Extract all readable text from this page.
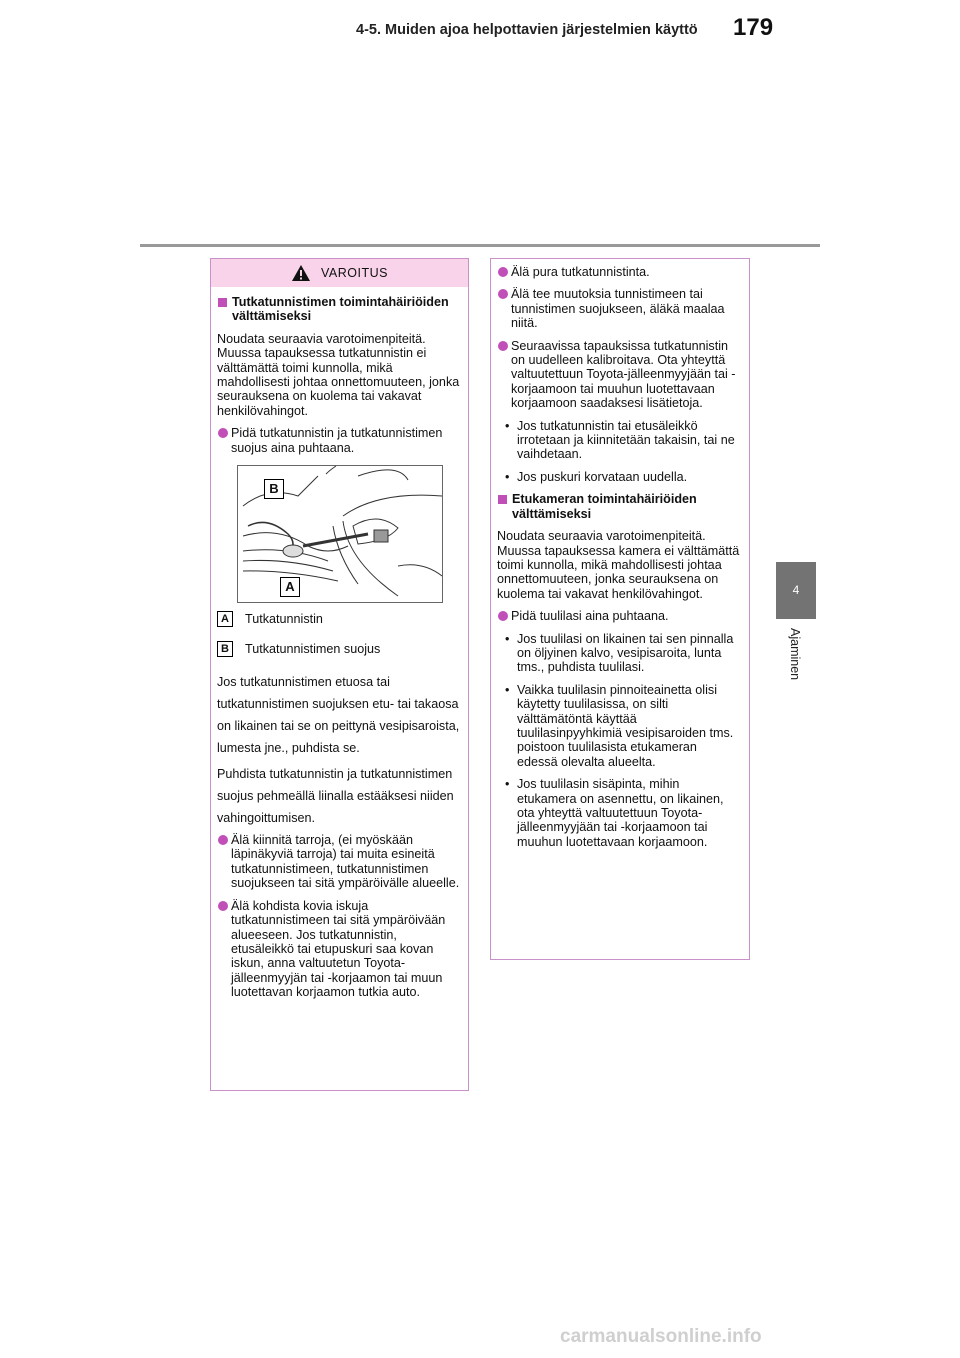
4-5. Muiden ajoa helpottavien järjestelmien käyttö 179
4
Ajaminen
VAROITUS
Tutkatunnistimen toimintahäiriöiden välttämiseksi

Noudata seuraavia varotoimenpiteitä. Muussa tapauksessa tutkatunnistin ei välttämättä toimi kunnolla, mikä mahdollisesti johtaa onnettomuuteen, jonka seurauksena on kuolema tai vakavat henkilövahingot.

Pidä tutkatunnistin ja tutkatunnistimen suojus aina puhtaana.
B
A
A	Tutkatunnistin
B	Tutkatunnistimen suojus

Jos tutkatunnistimen etuosa tai tutkatunnistimen suojuksen etu- tai takaosa on likainen tai se on peittynä vesipisaroista, lumesta jne., puhdista se.

Puhdista tutkatunnistin ja tutkatunnistimen suojus pehmeällä liinalla estääksesi niiden vahingoittumisen.

Älä kiinnitä tarroja, (ei myöskään läpinäkyviä tarroja) tai muita esineitä tutkatunnistimeen, tutkatunnistimen suojukseen tai sitä ympäröivälle alueelle.
Älä kohdista kovia iskuja tutkatunnistimeen tai sitä ympäröivään alueeseen. Jos tutkatunnistin, etusäleikkö tai etupuskuri saa kovan iskun, anna valtuutetun Toyota-jälleenmyyjän tai -korjaamon tai muun luotettavan korjaamon tutkia auto.
Älä pura tutkatunnistinta.
Älä tee muutoksia tunnistimeen tai tunnistimen suojukseen, äläkä maalaa niitä.
Seuraavissa tapauksissa tutkatunnistin on uudelleen kalibroitava. Ota yhteyttä valtuutettuun Toyota-jälleenmyyjään tai -korjaamoon tai muuhun luotettavaan korjaamoon saadaksesi lisätietoja.
• Jos tutkatunnistin tai etusäleikkö irrotetaan ja kiinnitetään takaisin, tai ne vaihdetaan.
• Jos puskuri korvataan uudella.
Etukameran toimintahäiriöiden välttämiseksi

Noudata seuraavia varotoimenpiteitä. Muussa tapauksessa kamera ei välttämättä toimi kunnolla, mikä mahdollisesti johtaa onnettomuuteen, jonka seurauksena on kuolema tai vakavat henkilövahingot.

Pidä tuulilasi aina puhtaana.
• Jos tuulilasi on likainen tai sen pinnalla on öljyinen kalvo, vesipisaroita, lunta tms., puhdista tuulilasi.
• Vaikka tuulilasin pinnoiteainetta olisi käytetty tuulilasissa, on silti välttämätöntä käyttää tuulilasinpyyhkimiä vesipisaroiden tms. poistoon tuulilasista etukameran edessä olevalta alueelta.
• Jos tuulilasin sisäpinta, mihin etukamera on asennettu, on likainen, ota yhteyttä valtuutettuun Toyota-jälleenmyyjään tai -korjaamoon tai muuhun luotettavaan korjaamoon.
carmanualsonline.info
